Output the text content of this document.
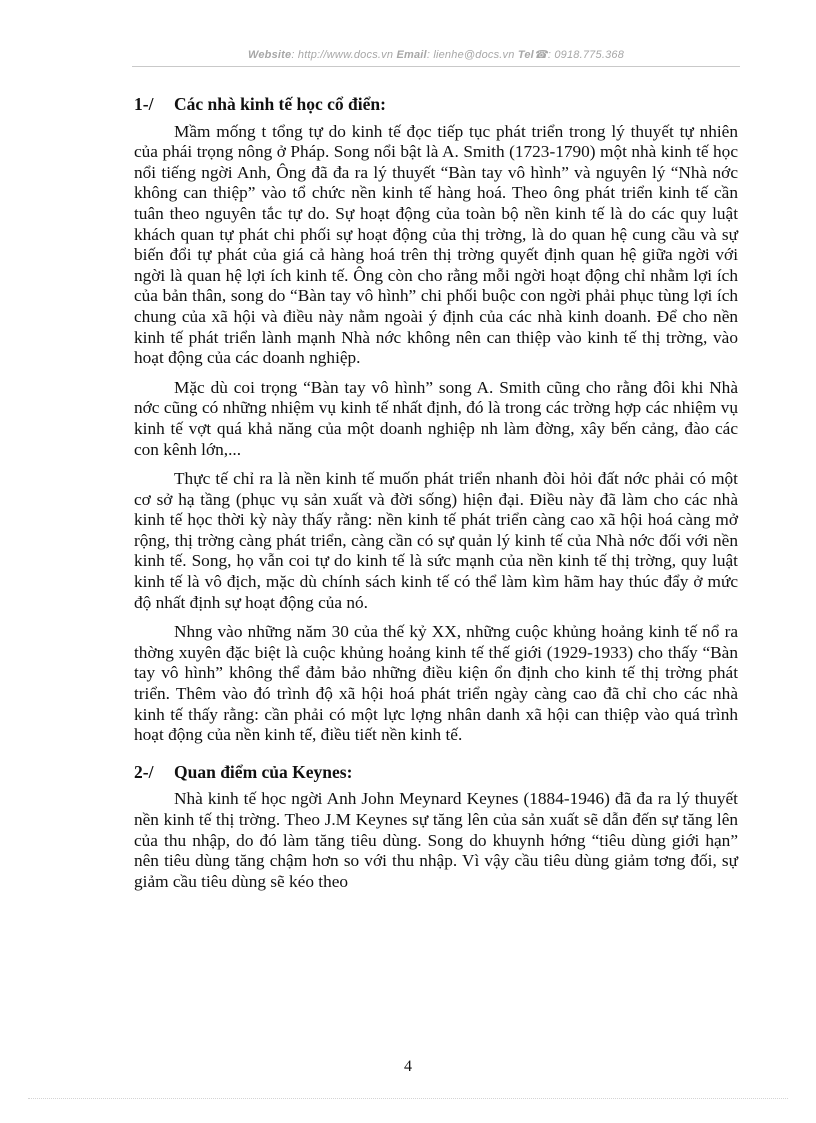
Website: http://www.docs.vn Email: lienhe@docs.vn Tel☎: 0918.775.368
1-/ Các nhà kinh tế học cổ điển:

Mầm mống t tổng tự do kinh tế đọc tiếp tục phát triển trong lý thuyết tự nhiên của phái trọng nông ở Pháp. Song nổi bật là A. Smith (1723-1790) một nhà kinh tế học nổi tiếng ngời Anh, Ông đã đa ra lý thuyết “Bàn tay vô hình” và nguyên lý “Nhà nớc không can thiệp” vào tổ chức nền kinh tế hàng hoá. Theo ông phát triển kinh tế cần tuân theo nguyên tắc tự do. Sự hoạt động của toàn bộ nền kinh tế là do các quy luật khách quan tự phát chi phối sự hoạt động của thị trờng, là do quan hệ cung cầu và sự biến đổi tự phát của giá cả hàng hoá trên thị trờng quyết định quan hệ giữa ngời với ngời là quan hệ lợi ích kinh tế. Ông còn cho rằng mỗi ngời hoạt động chỉ nhằm lợi ích của bản thân, song do “Bàn tay vô hình” chi phối buộc con ngời phải phục tùng lợi ích chung của xã hội và điều này nằm ngoài ý định của các nhà kinh doanh. Để cho nền kinh tế phát triển lành mạnh Nhà nớc không nên can thiệp vào kinh tế thị trờng, vào hoạt động của các doanh nghiệp.

Mặc dù coi trọng “Bàn tay vô hình” song A. Smith cũng cho rằng đôi khi Nhà nớc cũng có những nhiệm vụ kinh tế nhất định, đó là trong các trờng hợp các nhiệm vụ kinh tế vợt quá khả năng của một doanh nghiệp nh làm đờng, xây bến cảng, đào các con kênh lớn,...

Thực tế chỉ ra là nền kinh tế muốn phát triển nhanh đòi hỏi đất nớc phải có một cơ sở hạ tầng (phục vụ sản xuất và đời sống) hiện đại. Điều này đã làm cho các nhà kinh tế học thời kỳ này thấy rằng: nền kinh tế phát triển càng cao xã hội hoá càng mở rộng, thị trờng càng phát triển, càng cần có sự quản lý kinh tế của Nhà nớc đối với nền kinh tế. Song, họ vẫn coi tự do kinh tế là sức mạnh của nền kinh tế thị trờng, quy luật kinh tế là vô địch, mặc dù chính sách kinh tế có thể làm kìm hãm hay thúc đẩy ở mức độ nhất định sự hoạt động của nó.

Nhng vào những năm 30 của thế kỷ XX, những cuộc khủng hoảng kinh tế nổ ra thờng xuyên đặc biệt là cuộc khủng hoảng kinh tế thế giới (1929-1933) cho thấy “Bàn tay vô hình” không thể đảm bảo những điều kiện ổn định cho kinh tế thị trờng phát triển. Thêm vào đó trình độ xã hội hoá phát triển ngày càng cao đã chỉ cho các nhà kinh tế thấy rằng: cần phải có một lực lợng nhân danh xã hội can thiệp vào quá trình hoạt động của nền kinh tế, điều tiết nền kinh tế.

2-/ Quan điểm của Keynes:

Nhà kinh tế học ngời Anh John Meynard Keynes (1884-1946) đã đa ra lý thuyết nền kinh tế thị trờng. Theo J.M Keynes sự tăng lên của sản xuất sẽ dẫn đến sự tăng lên của thu nhập, do đó làm tăng tiêu dùng. Song do khuynh hớng “tiêu dùng giới hạn” nên tiêu dùng tăng chậm hơn so với thu nhập. Vì vậy cầu tiêu dùng giảm tơng đối, sự giảm cầu tiêu dùng sẽ kéo theo

4
